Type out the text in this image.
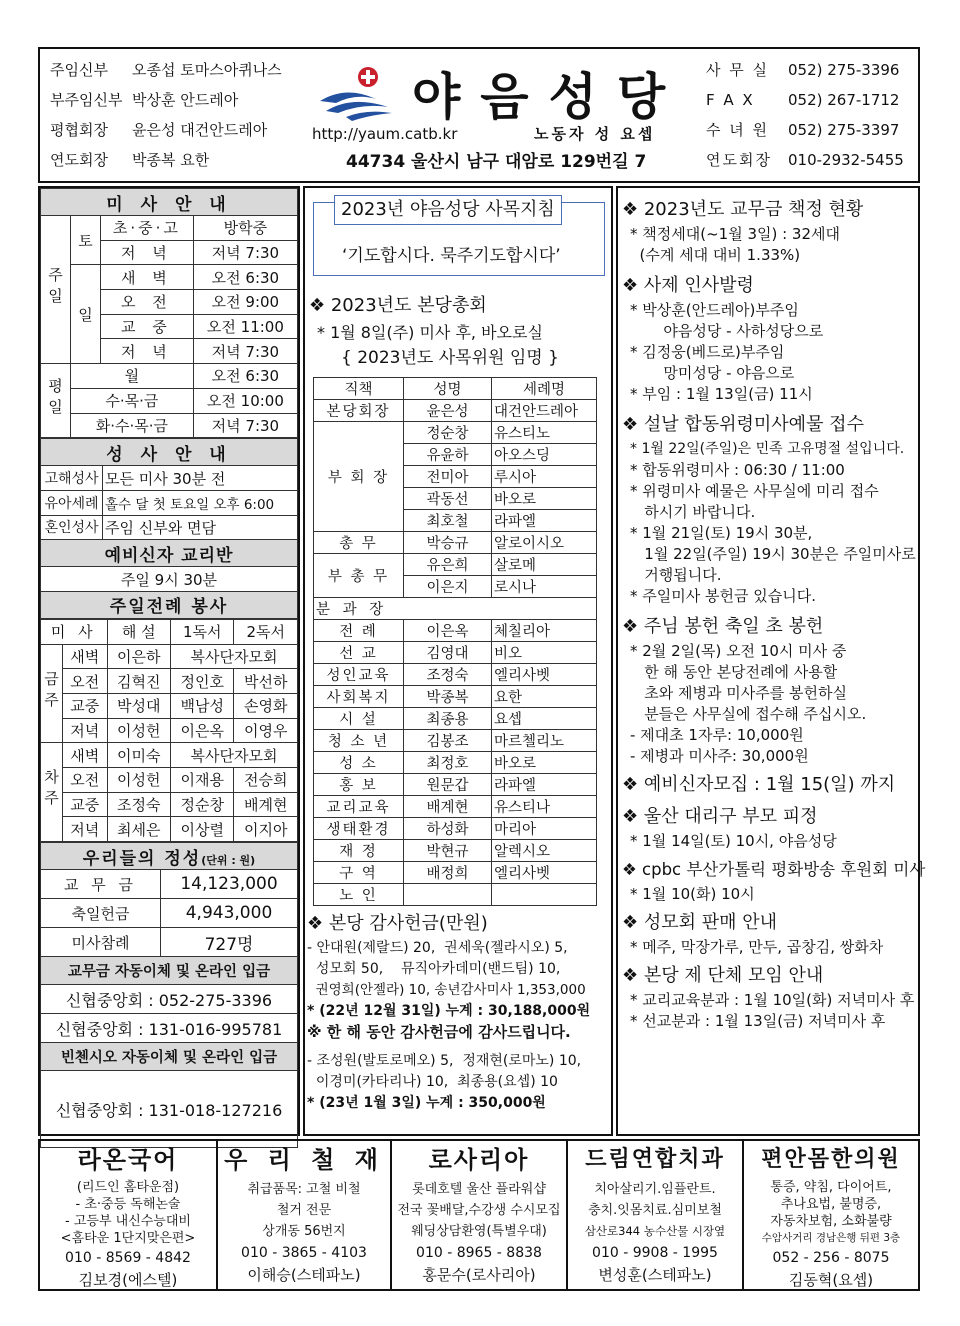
주임신부 오종섭 토마스아퀴나스
부주임신부 박상훈 안드레아
평협회장 윤은성 대건안드레아
연도회장 박종복 요한
야음성당
http://yaum.catb.kr	노동자 성 요셉
44734 울산시 남구 대암로 129번길 7
사 무 실 052) 275-3396
F A X 052) 267-1712
수 녀 원 052) 275-3397
연도회장 010-2932-5455
미 사 안 내			
주일	토	초·중·고	방학중
		저 녁	저녁 7:30
	일	새 벽	오전 6:30
		오 전	오전 9:00
		교 중	오전 11:00
		저 녁	저녁 7:30
평일	월		오전 6:30
	수·목·금		오전 10:00
	화·수·목·금		저녁 7:30
성 사 안 내	
고해성사	모든 미사 30분 전
유아세례	홀수 달 첫 토요일 오후 6:00
혼인성사	주임 신부와 면담
예비신자 교리반	
주일 9시 30분	
주일전례 봉사	
미 사		해 설	1독서	2독서
금주	새벽	이은하	복사단자모회	
	오전	김혁진	정인호	박선하
	교중	박성대	백남성	손영화
	저녁	이성헌	이은옥	이영우
차주	새벽	이미숙	복사단자모회	
	오전	이성헌	이재용	전승희
	교중	조정숙	정순창	배계현
	저녁	최세은	이상렬	이지아
우리들의 정성(단위 : 원)	
교 무 금	14,123,000
축일헌금	4,943,000
미사참례	727명
교무금 자동이체 및 온라인 입금	
신협중앙회 : 052-275-3396	
신협중앙회 : 131-016-995781	
빈첸시오 자동이체 및 온라인 입금	
신협중앙회 : 131-018-127216	
2023년 야음성당 사목지침
‘기도합시다. 묵주기도합시다’
❖ 2023년도 본당총회
* 1월 8일(주) 미사 후, 바오로실
{ 2023년도 사목위원 임명 }
직책	성명	세례명
본당회장	윤은성	대건안드레아
부 회 장	정순창	유스티노
	유윤하	아오스딩
	전미아	루시아
	곽동선	바오로
	최호철	라파엘
총 무	박승규	알로이시오
부 총 무	유은희	살로메
	이은지	로시나
분 과 장		
전 례	이은옥	체칠리아
선 교	김영대	비오
성인교육	조정숙	엘리사벳
사회복지	박종복	요한
시 설	최종용	요셉
청 소 년	김봉조	마르첼리노
성 소	최정호	바오로
홍 보	원문갑	라파엘
교리교육	배계현	유스티나
생태환경	하성화	마리아
재 정	박현규	알렉시오
구 역	배정희	엘리사벳
노 인		
❖ 본당 감사헌금(만원)
- 안대원(제랄드) 20,  권세욱(젤라시오) 5,
성모회 50,    뮤직아카데미(밴드팀) 10,
권영희(안젤라) 10, 송년감사미사 1,353,000
* (22년 12월 31일) 누계 : 30,188,000원
※ 한 해 동안 감사헌금에 감사드립니다.
- 조성원(발토로메오) 5,  정재현(로마노) 10,
이경미(카타리나) 10,  최종용(요셉) 10
* (23년 1월 3일) 누계 : 350,000원
❖ 2023년도 교무금 책정 현황
* 책정세대(~1월 3일) : 32세대
(수계 세대 대비 1.33%)
❖ 사제 인사발령
* 박상훈(안드레아)부주임
야음성당 - 사하성당으로
* 김정웅(베드로)부주임
망미성당 - 야음으로
* 부임 : 1월 13일(금) 11시
❖ 설날 합동위령미사예물 접수
* 1월 22일(주일)은 민족 고유명절 설입니다.
* 합동위령미사 : 06:30 / 11:00
* 위령미사 예물은 사무실에 미리 접수
하시기 바랍니다.
* 1월 21일(토) 19시 30분,
1월 22일(주일) 19시 30분은 주일미사로
거행됩니다.
* 주일미사 봉헌금 있습니다.
❖ 주님 봉헌 축일 초 봉헌
* 2월 2일(목) 오전 10시 미사 중
한 해 동안 본당전례에 사용할
초와 제병과 미사주를 봉헌하실
분들은 사무실에 접수해 주십시오.
- 제대초 1자루: 10,000원
- 제병과 미사주: 30,000원
❖ 예비신자모집 : 1월 15(일) 까지
❖ 울산 대리구 부모 피정
* 1월 14일(토) 10시, 야음성당
❖ cpbc 부산가톨릭 평화방송 후원회 미사
* 1월 10(화) 10시
❖ 성모회 판매 안내
* 메주, 막장가루, 만두, 곱창김, 쌍화차
❖ 본당 제 단체 모임 안내
* 교리교육분과 : 1월 10일(화) 저녁미사 후
* 선교분과 : 1월 13일(금) 저녁미사 후
라온국어
(리드인 홈타운점)
- 초·중등 독해논술
- 고등부 내신수능대비
<홈타운 1단지맞은편>
010 - 8569 - 4842
김보경(에스텔)
우 리 철 재
취급품목: 고철 비철
철거 전문
상개동 56번지
010 - 3865 - 4103
이해승(스테파노)
로사리아
롯데호텔 울산 플라워샵
전국 꽃배달,수강생 수시모집
웨딩상담환영(특별우대)
010 - 8965 - 8838
홍문수(로사리아)
드림연합치과
치아살리기.임플란트.
충치.잇몸치료.심미보철
삼산로344 농수산물 시장옆
010 - 9908 - 1995
변성훈(스테파노)
편안몸한의원
통증, 약침, 다이어트,
추나요법, 불명증,
자동차보험, 소화불량
수암사거리 경남은행 뒤편 3층
052 - 256 - 8075
김동혁(요셉)
